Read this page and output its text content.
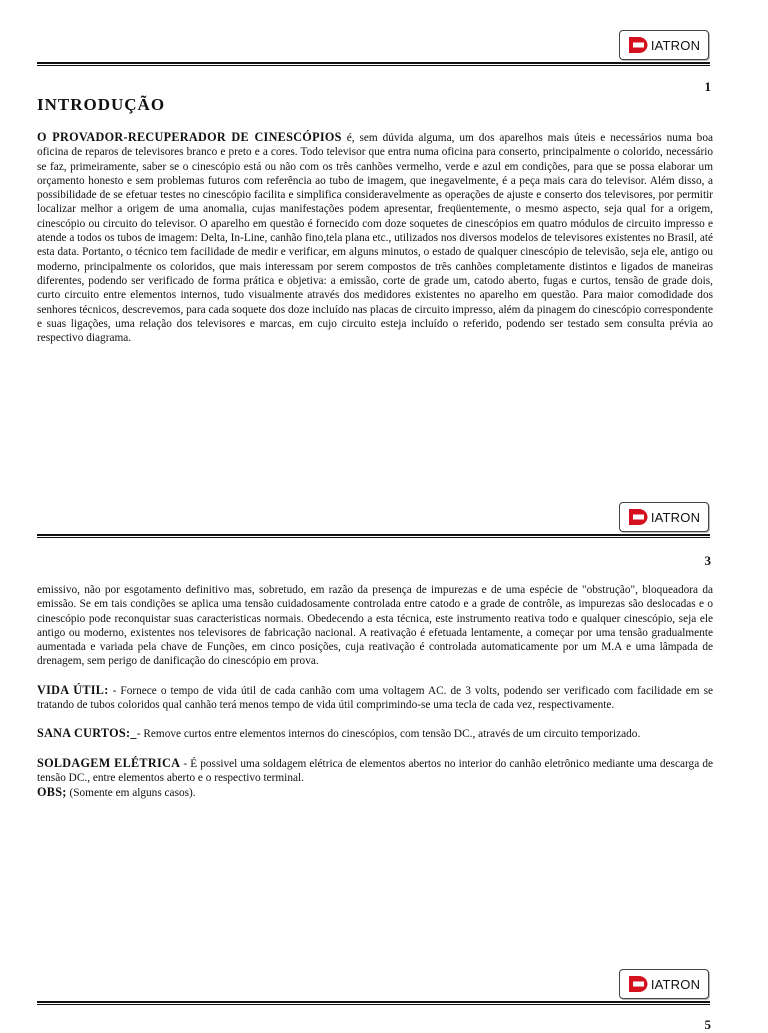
IATRON
1
INTRODUÇÃO

O PROVADOR-RECUPERADOR DE CINESCÓPIOS é, sem dúvida alguma, um dos aparelhos mais úteis e necessários numa boa oficina de reparos de televisores branco e preto e a cores. Todo televisor que entra numa oficina para conserto, principalmente o colorido, necessário se faz, primeiramente, saber se o cinescópio está ou não com os três canhões vermelho, verde e azul em condições, para que se possa elaborar um orçamento honesto e sem problemas futuros com referência ao tubo de imagem, que inegavelmente, é a peça mais cara do televisor. Além disso, a possibilidade de se efetuar testes no cinescópio facilita e simplifica consideravelmente as operações de ajuste e conserto dos televisores, por permitir localizar melhor a origem de uma anomalia, cujas manifestações podem apresentar, freqüentemente, o mesmo aspecto, seja qual for a origem, cinescópio ou circuito do televisor. O aparelho em questão é fornecido com doze soquetes de cinescópios em quatro módulos de circuito impresso e atende a todos os tubos de imagem: Delta, In-Line, canhão fino,tela plana etc., utilizados nos diversos modelos de televisores existentes no Brasil, até esta data. Portanto, o técnico tem facilidade de medir e verificar, em alguns minutos, o estado de qualquer cinescópio de televisão, seja ele, antigo ou moderno, principalmente os coloridos, que mais interessam por serem compostos de três canhões completamente distintos e ligados de maneiras diferentes, podendo ser verificado de forma prática e objetiva: a emissão, corte de grade um, catodo aberto, fugas e curtos, tensão de grade dois, curto circuito entre elementos internos, tudo visualmente através dos medidores existentes no aparelho em questão. Para maior comodidade dos senhores técnicos, descrevemos, para cada soquete dos doze incluído nas placas de circuito impresso, além da pinagem do cinescópio correspondente e suas ligações, uma relação dos televisores e marcas, em cujo circuito esteja incluído o referido, podendo ser testado sem consulta prévia ao respectivo diagrama.

IATRON
3

emissivo, não por esgotamento definitivo mas, sobretudo, em razão da presença de impurezas e de uma espécie de "obstrução", bloqueadora da emissão. Se em tais condições se aplica uma tensão cuidadosamente controlada entre catodo e a grade de contrôle, as impurezas são deslocadas e o cinescópio pode reconquistar suas caracteristicas normais. Obedecendo a esta técnica, este instrumento reativa todo e qualquer cinescópio, seja ele antigo ou moderno, existentes nos televisores de fabricação nacional. A reativação é efetuada lentamente, a começar por uma tensão gradualmente aumentada e variada pela chave de Funções, em cinco posições, cuja reativação é controlada automaticamente por um M.A e uma lâmpada de drenagem, sem perigo de danificação do cinescópio em prova.

VIDA ÚTIL: - Fornece o tempo de vida útil de cada canhão com uma voltagem AC. de 3 volts, podendo ser verificado com facilidade em se tratando de tubos coloridos qual canhão terá menos tempo de vida útil comprimindo-se uma tecla de cada vez, respectivamente.

SANA CURTOS:_- Remove curtos entre elementos internos do cinescópios, com tensão DC., através de um circuito temporizado.

SOLDAGEM ELÉTRICA - É possivel uma soldagem elétrica de elementos abertos no interior do canhão eletrônico mediante uma descarga de tensão DC., entre elementos aberto e o respectivo terminal.

OBS; (Somente em alguns casos).

IATRON
5
